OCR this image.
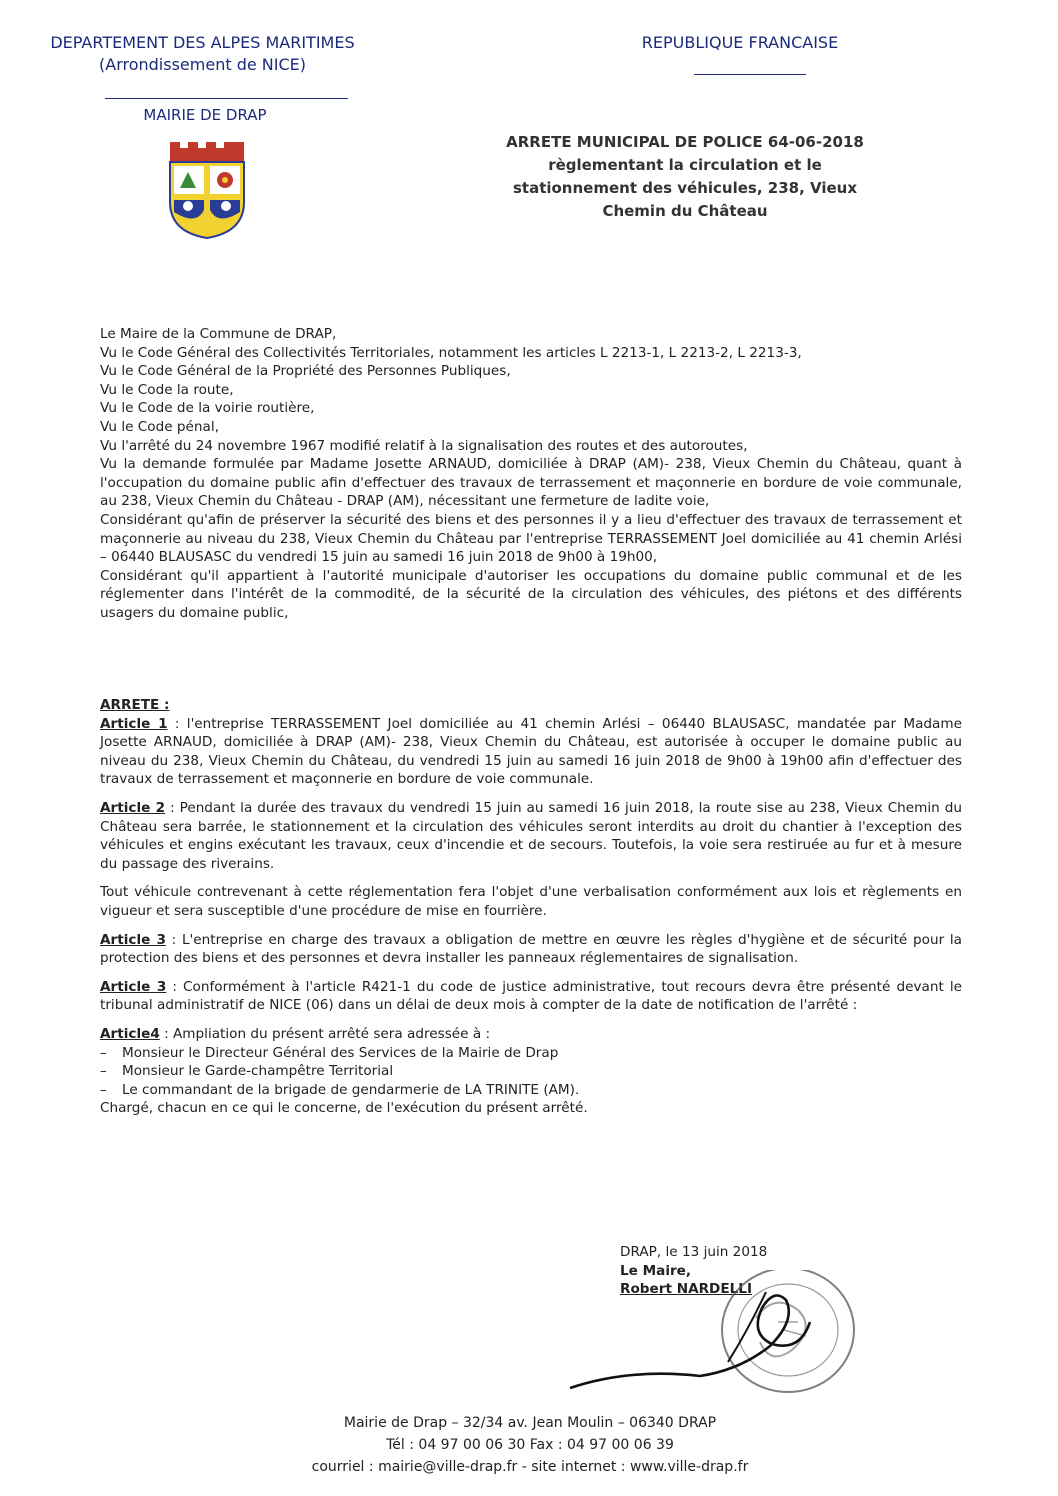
DEPARTEMENT DES ALPES MARITIMES
(Arrondissement de NICE)
MAIRIE DE DRAP
REPUBLIQUE FRANCAISE
ARRETE MUNICIPAL DE POLICE 64-06-2018
règlementant la circulation et le
stationnement des véhicules, 238, Vieux
Chemin du Château

Le Maire de la Commune de DRAP,

Vu le Code Général des Collectivités Territoriales, notamment les articles L 2213-1, L 2213-2, L 2213-3,

Vu le Code Général de la Propriété des Personnes Publiques,

Vu le Code la route,

Vu le Code de la voirie routière,

Vu le Code pénal,

Vu l'arrêté du 24 novembre 1967 modifié relatif à la signalisation des routes et des autoroutes,

Vu la demande formulée par Madame Josette ARNAUD, domiciliée à DRAP (AM)- 238, Vieux Chemin du Château, quant à l'occupation du domaine public afin d'effectuer des travaux de terrassement et maçonnerie en bordure de voie communale, au 238, Vieux Chemin du Château - DRAP (AM), nécessitant une fermeture de ladite voie,

Considérant qu'afin de préserver la sécurité des biens et des personnes il y a lieu d'effectuer des travaux de terrassement et maçonnerie au niveau du 238, Vieux Chemin du Château par l'entreprise TERRASSEMENT Joel domiciliée au 41 chemin Arlési – 06440 BLAUSASC du vendredi 15 juin au samedi 16 juin 2018 de 9h00 à 19h00,

Considérant qu'il appartient à l'autorité municipale d'autoriser les occupations du domaine public communal et de les réglementer dans l'intérêt de la commodité, de la sécurité de la circulation des véhicules, des piétons et des différents usagers du domaine public,

ARRETE :

Article 1 : l'entreprise TERRASSEMENT Joel domiciliée au 41 chemin Arlési – 06440 BLAUSASC, mandatée par Madame Josette ARNAUD, domiciliée à DRAP (AM)- 238, Vieux Chemin du Château, est autorisée à occuper le domaine public au niveau du 238, Vieux Chemin du Château, du vendredi 15 juin au samedi 16 juin 2018 de 9h00 à 19h00 afin d'effectuer des travaux de terrassement et maçonnerie en bordure de voie communale.

Article 2 : Pendant la durée des travaux du vendredi 15 juin au samedi 16 juin 2018, la route sise au 238, Vieux Chemin du Château sera barrée, le stationnement et la circulation des véhicules seront interdits au droit du chantier à l'exception des véhicules et engins exécutant les travaux, ceux d'incendie et de secours. Toutefois, la voie sera restiruée au fur et à mesure du passage des riverains.

Tout véhicule contrevenant à cette réglementation fera l'objet d'une verbalisation conformément aux lois et règlements en vigueur et sera susceptible d'une procédure de mise en fourrière.

Article 3 : L'entreprise en charge des travaux a obligation de mettre en œuvre les règles d'hygiène et de sécurité pour la protection des biens et des personnes et devra installer les panneaux réglementaires de signalisation.

Article 3 : Conformément à l'article R421-1 du code de justice administrative, tout recours devra être présenté devant le tribunal administratif de NICE (06) dans un délai de deux mois à compter de la date de notification de l'arrêté :

Article4 : Ampliation du présent arrêté sera adressée à :

–	Monsieur le Directeur Général des Services de la Mairie de Drap
–	Monsieur le Garde-champêtre Territorial
–	Le commandant de la brigade de gendarmerie de LA TRINITE (AM).

Chargé, chacun en ce qui le concerne, de l'exécution du présent arrêté.

DRAP, le 13 juin 2018
Le Maire,
Robert NARDELLI
Mairie de Drap – 32/34 av. Jean Moulin – 06340 DRAP
Tél : 04 97 00 06 30 Fax : 04 97 00 06 39
courriel : mairie@ville-drap.fr - site internet : www.ville-drap.fr
